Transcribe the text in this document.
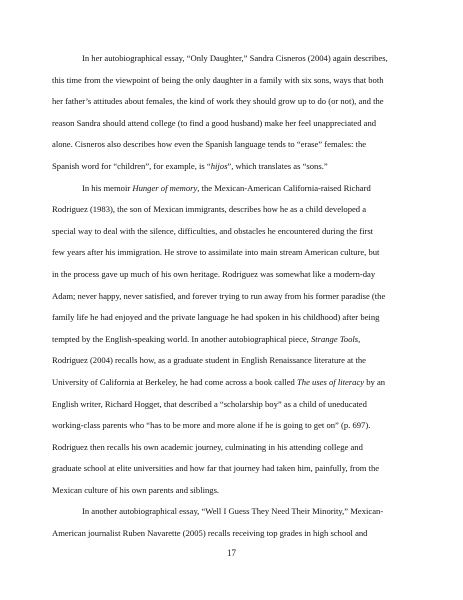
In her autobiographical essay, “Only Daughter,” Sandra Cisneros (2004) again describes,
this time from the viewpoint of being the only daughter in a family with six sons, ways that both
her father’s attitudes about females, the kind of work they should grow up to do (or not), and the
reason Sandra should attend college (to find a good husband) make her feel unappreciated and
alone. Cisneros also describes how even the Spanish language tends to “erase” females: the
Spanish word for “children”, for example, is “hijos”, which translates as “sons.”

In his memoir Hunger of memory, the Mexican-American California-raised Richard
Rodriguez (1983), the son of Mexican immigrants, describes how he as a child developed a
special way to deal with the silence, difficulties, and obstacles he encountered during the first
few years after his immigration. He strove to assimilate into main stream American culture, but
in the process gave up much of his own heritage. Rodriguez was somewhat like a modern-day
Adam; never happy, never satisfied, and forever trying to run away from his former paradise (the
family life he had enjoyed and the private language he had spoken in his childhood) after being
tempted by the English-speaking world. In another autobiographical piece, Strange Tools,
Rodriguez (2004) recalls how, as a graduate student in English Renaissance literature at the
University of California at Berkeley, he had come across a book called The uses of literacy by an
English writer, Richard Hogget, that described a “scholarship boy” as a child of uneducated
working-class parents who “has to be more and more alone if he is going to get on” (p. 697).
Rodriguez then recalls his own academic journey, culminating in his attending college and
graduate school at elite universities and how far that journey had taken him, painfully, from the
Mexican culture of his own parents and siblings.

In another autobiographical essay, “Well I Guess They Need Their Minority,” Mexican-
American journalist Ruben Navarette (2005) recalls receiving top grades in high school and

17
